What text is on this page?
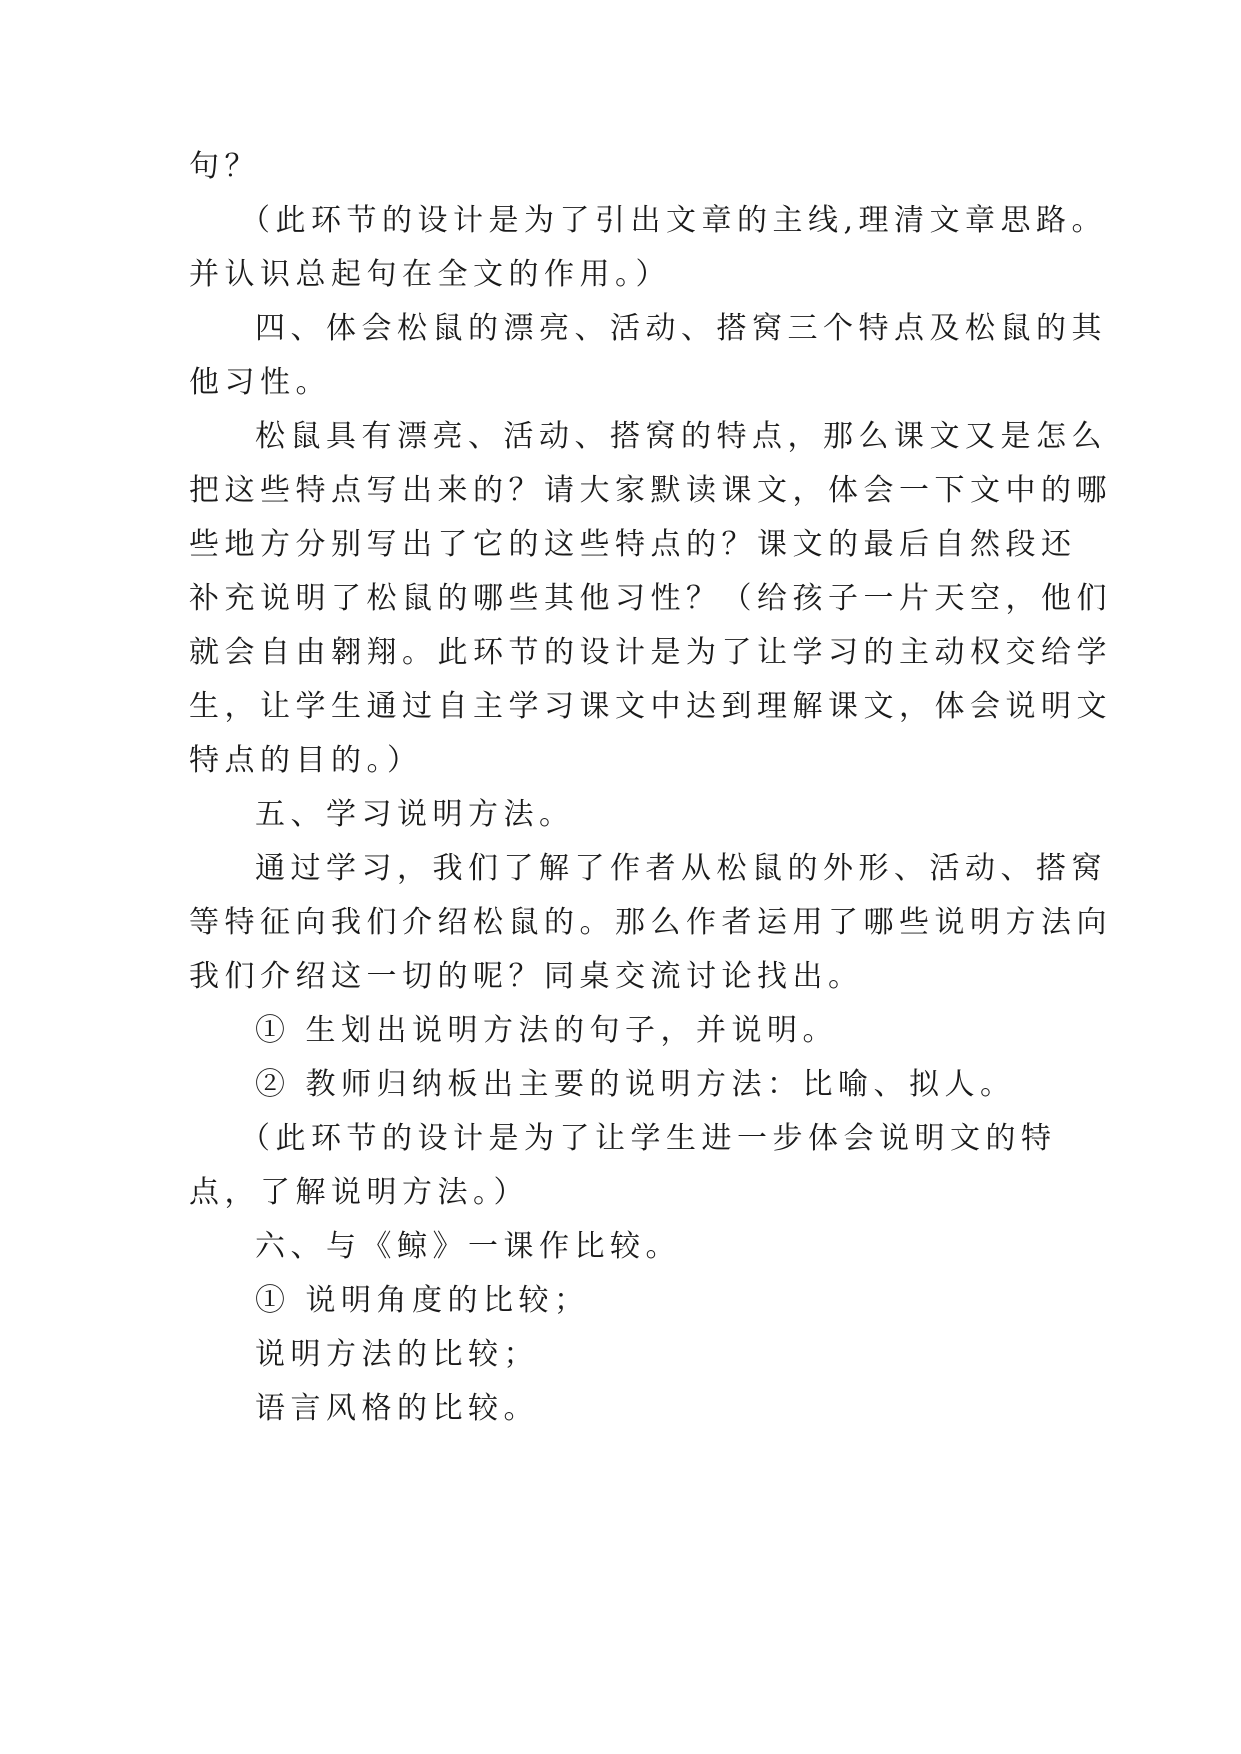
句？
（此环节的设计是为了引出文章的主线,理清文章思路。
并认识总起句在全文的作用。）
四、体会松鼠的漂亮、活动、搭窝三个特点及松鼠的其
他习性。
松鼠具有漂亮、活动、搭窝的特点，那么课文又是怎么
把这些特点写出来的？请大家默读课文，体会一下文中的哪
些地方分别写出了它的这些特点的？课文的最后自然段还
补充说明了松鼠的哪些其他习性？（给孩子一片天空，他们
就会自由翱翔。此环节的设计是为了让学习的主动权交给学
生，让学生通过自主学习课文中达到理解课文，体会说明文
特点的目的。）
五、学习说明方法。
通过学习，我们了解了作者从松鼠的外形、活动、搭窝
等特征向我们介绍松鼠的。那么作者运用了哪些说明方法向
我们介绍这一切的呢？同桌交流讨论找出。
① 生划出说明方法的句子，并说明。
② 教师归纳板出主要的说明方法：比喻、拟人。
（此环节的设计是为了让学生进一步体会说明文的特
点，了解说明方法。）
六、与《鲸》一课作比较。
① 说明角度的比较；
说明方法的比较；
语言风格的比较。
